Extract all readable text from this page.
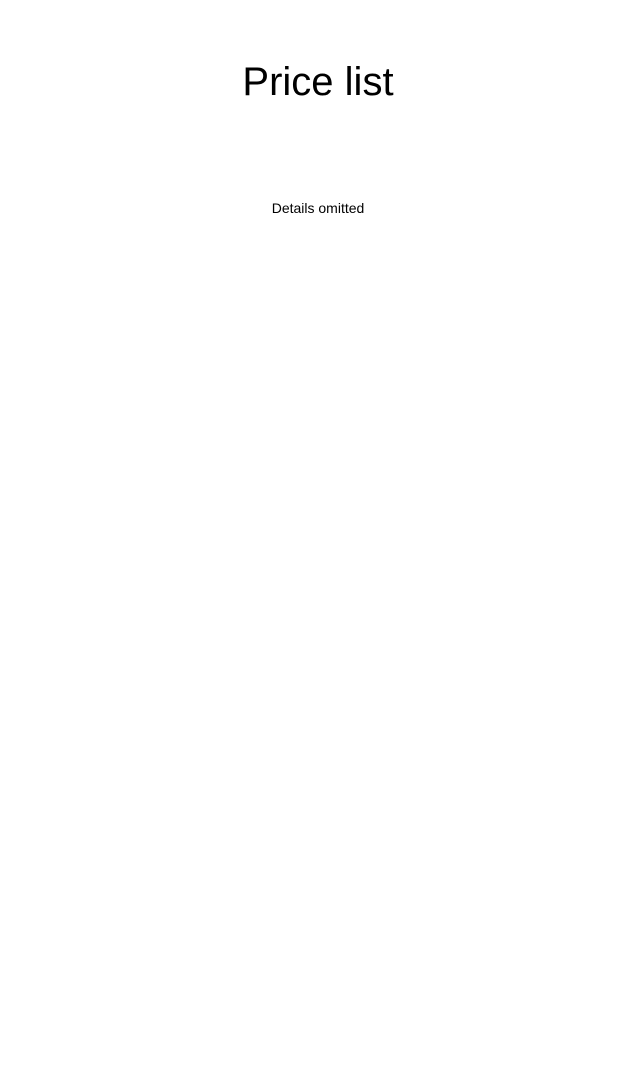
Price list
Details omitted
